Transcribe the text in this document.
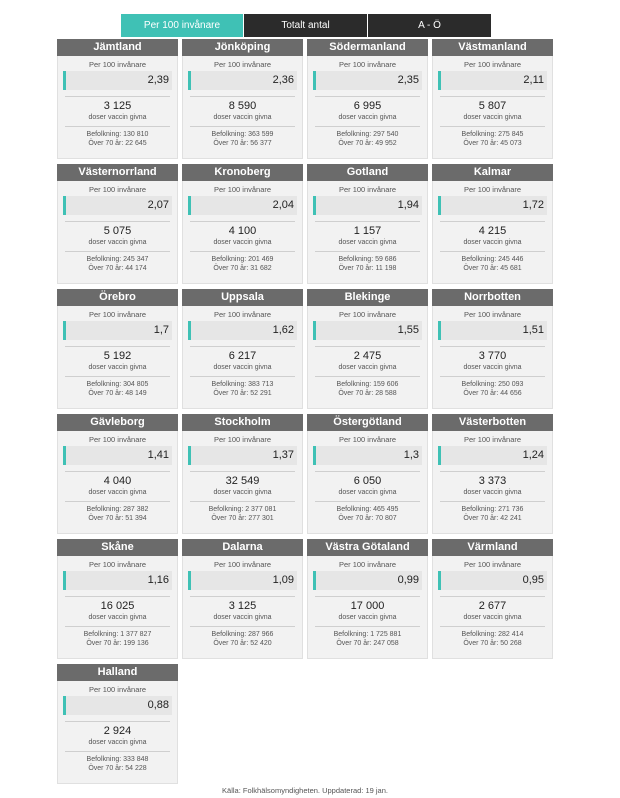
Per 100 invånare	Totalt antal	A - Ö
Jämtland
Per 100 invånare
2,39
3 125
doser vaccin givna
Befolkning: 130 810
Över 70 år: 22 645
Jönköping
Per 100 invånare
2,36
8 590
doser vaccin givna
Befolkning: 363 599
Över 70 år: 56 377
Södermanland
Per 100 invånare
2,35
6 995
doser vaccin givna
Befolkning: 297 540
Över 70 år: 49 952
Västmanland
Per 100 invånare
2,11
5 807
doser vaccin givna
Befolkning: 275 845
Över 70 år: 45 073
Västernorrland
Per 100 invånare
2,07
5 075
doser vaccin givna
Befolkning: 245 347
Över 70 år: 44 174
Kronoberg
Per 100 invånare
2,04
4 100
doser vaccin givna
Befolkning: 201 469
Över 70 år: 31 682
Gotland
Per 100 invånare
1,94
1 157
doser vaccin givna
Befolkning: 59 686
Över 70 år: 11 198
Kalmar
Per 100 invånare
1,72
4 215
doser vaccin givna
Befolkning: 245 446
Över 70 år: 45 681
Örebro
Per 100 invånare
1,7
5 192
doser vaccin givna
Befolkning: 304 805
Över 70 år: 48 149
Uppsala
Per 100 invånare
1,62
6 217
doser vaccin givna
Befolkning: 383 713
Över 70 år: 52 291
Blekinge
Per 100 invånare
1,55
2 475
doser vaccin givna
Befolkning: 159 606
Över 70 år: 28 588
Norrbotten
Per 100 invånare
1,51
3 770
doser vaccin givna
Befolkning: 250 093
Över 70 år: 44 656
Gävleborg
Per 100 invånare
1,41
4 040
doser vaccin givna
Befolkning: 287 382
Över 70 år: 51 394
Stockholm
Per 100 invånare
1,37
32 549
doser vaccin givna
Befolkning: 2 377 081
Över 70 år: 277 301
Östergötland
Per 100 invånare
1,3
6 050
doser vaccin givna
Befolkning: 465 495
Över 70 år: 70 807
Västerbotten
Per 100 invånare
1,24
3 373
doser vaccin givna
Befolkning: 271 736
Över 70 år: 42 241
Skåne
Per 100 invånare
1,16
16 025
doser vaccin givna
Befolkning: 1 377 827
Över 70 år: 199 136
Dalarna
Per 100 invånare
1,09
3 125
doser vaccin givna
Befolkning: 287 966
Över 70 år: 52 420
Västra Götaland
Per 100 invånare
0,99
17 000
doser vaccin givna
Befolkning: 1 725 881
Över 70 år: 247 058
Värmland
Per 100 invånare
0,95
2 677
doser vaccin givna
Befolkning: 282 414
Över 70 år: 50 268
Halland
Per 100 invånare
0,88
2 924
doser vaccin givna
Befolkning: 333 848
Över 70 år: 54 228
Källa: Folkhälsomyndigheten. Uppdaterad: 19 jan.
